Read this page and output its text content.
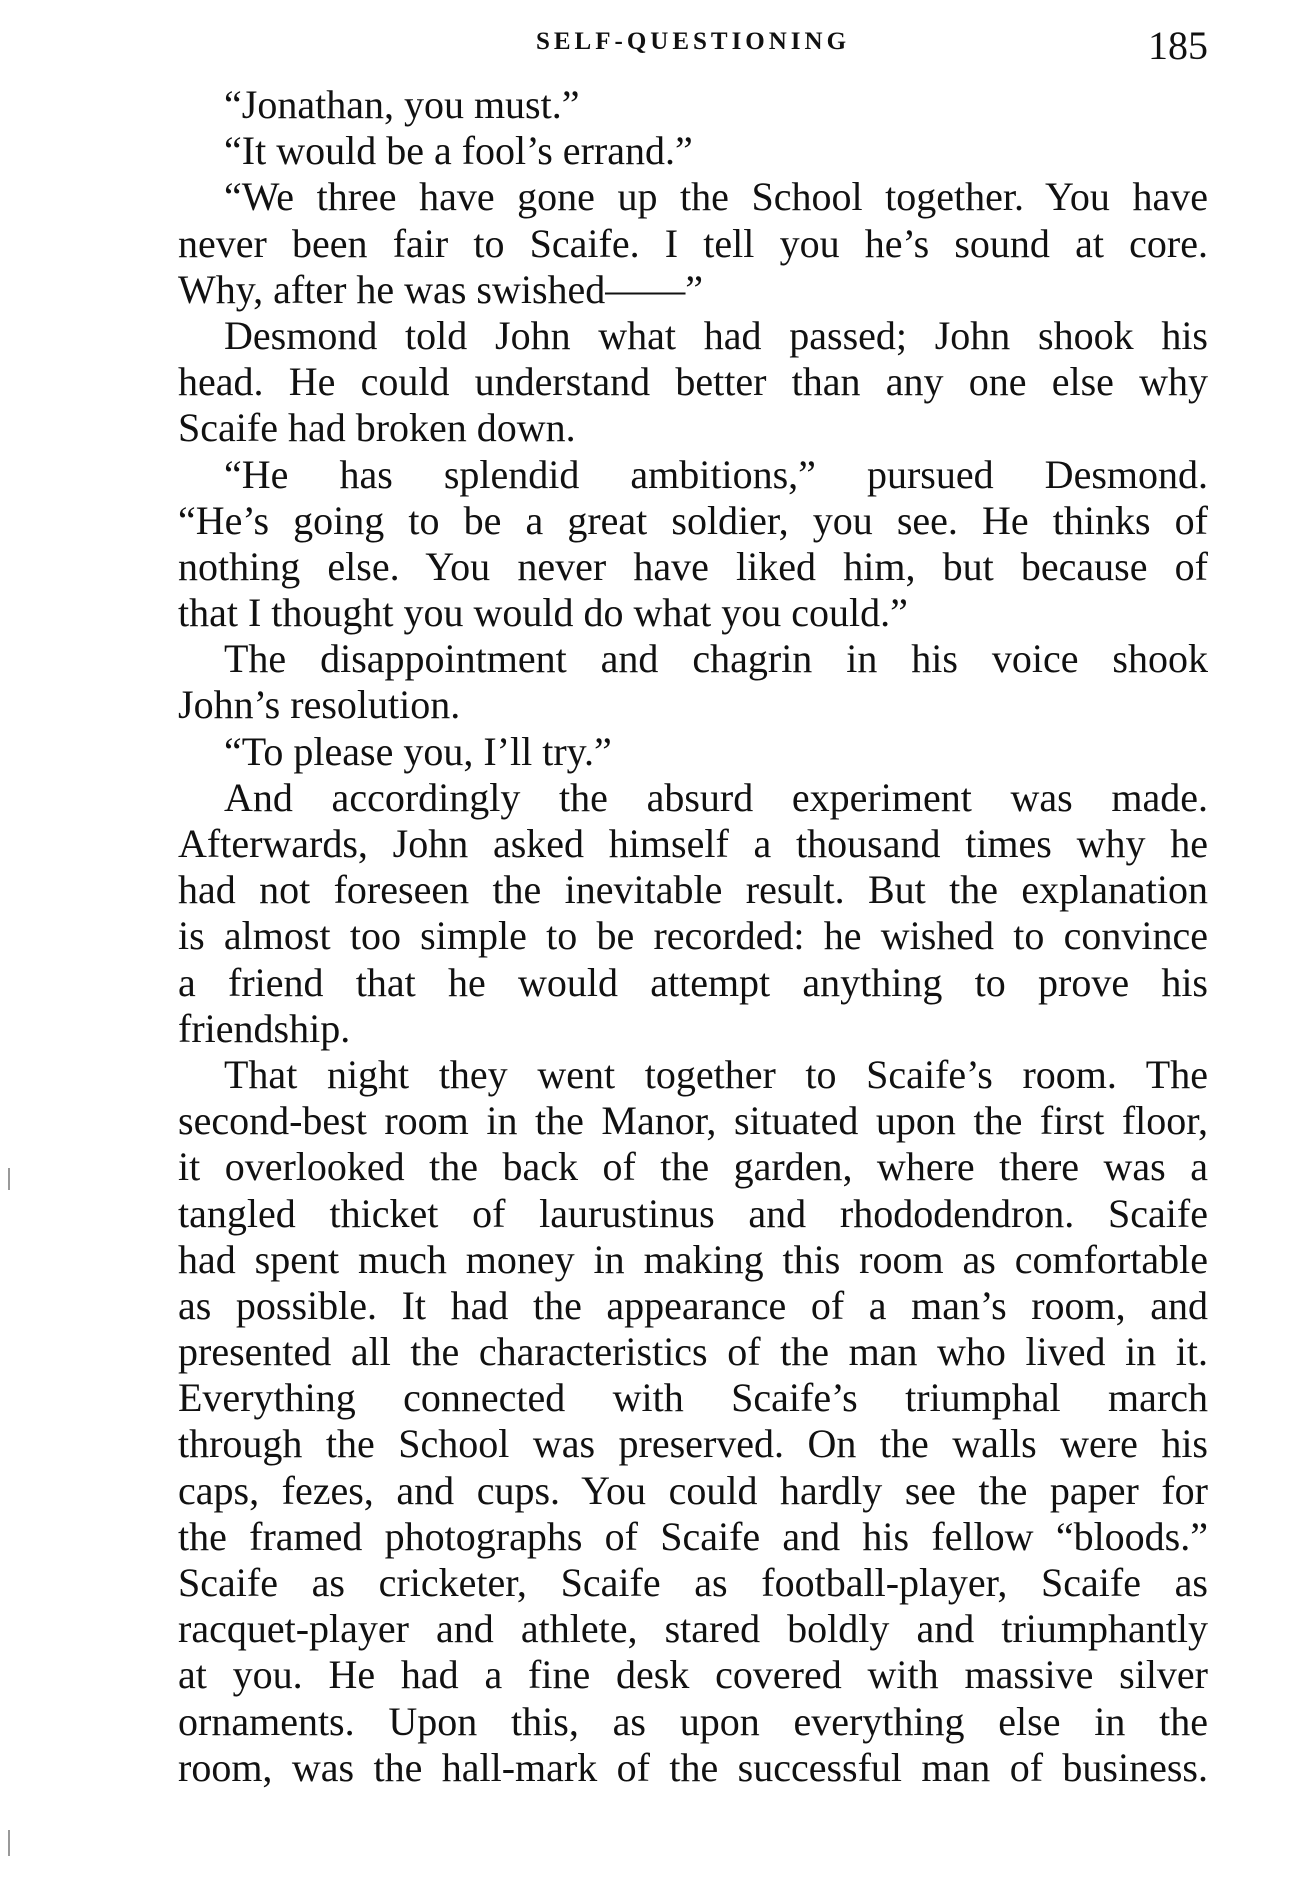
SELF-QUESTIONING	185
“Jonathan, you must.”
“It would be a fool’s errand.”
“We three have gone up the School together. You have
never been fair to Scaife. I tell you he’s sound at core.
Why, after he was swished——”
Desmond told John what had passed; John shook his
head. He could understand better than any one else why
Scaife had broken down.
“He has splendid ambitions,” pursued Desmond.
“He’s going to be a great soldier, you see. He thinks of
nothing else. You never have liked him, but because of
that I thought you would do what you could.”
The disappointment and chagrin in his voice shook
John’s resolution.
“To please you, I’ll try.”
And accordingly the absurd experiment was made.
Afterwards, John asked himself a thousand times why he
had not foreseen the inevitable result. But the explanation
is almost too simple to be recorded: he wished to convince
a friend that he would attempt anything to prove his
friendship.
That night they went together to Scaife’s room. The
second-best room in the Manor, situated upon the first floor,
it overlooked the back of the garden, where there was a
tangled thicket of laurustinus and rhododendron. Scaife
had spent much money in making this room as comfortable
as possible. It had the appearance of a man’s room, and
presented all the characteristics of the man who lived in it.
Everything connected with Scaife’s triumphal march
through the School was preserved. On the walls were his
caps, fezes, and cups. You could hardly see the paper for
the framed photographs of Scaife and his fellow “bloods.”
Scaife as cricketer, Scaife as football-player, Scaife as
racquet-player and athlete, stared boldly and triumphantly
at you. He had a fine desk covered with massive silver
ornaments. Upon this, as upon everything else in the
room, was the hall-mark of the successful man of business.
